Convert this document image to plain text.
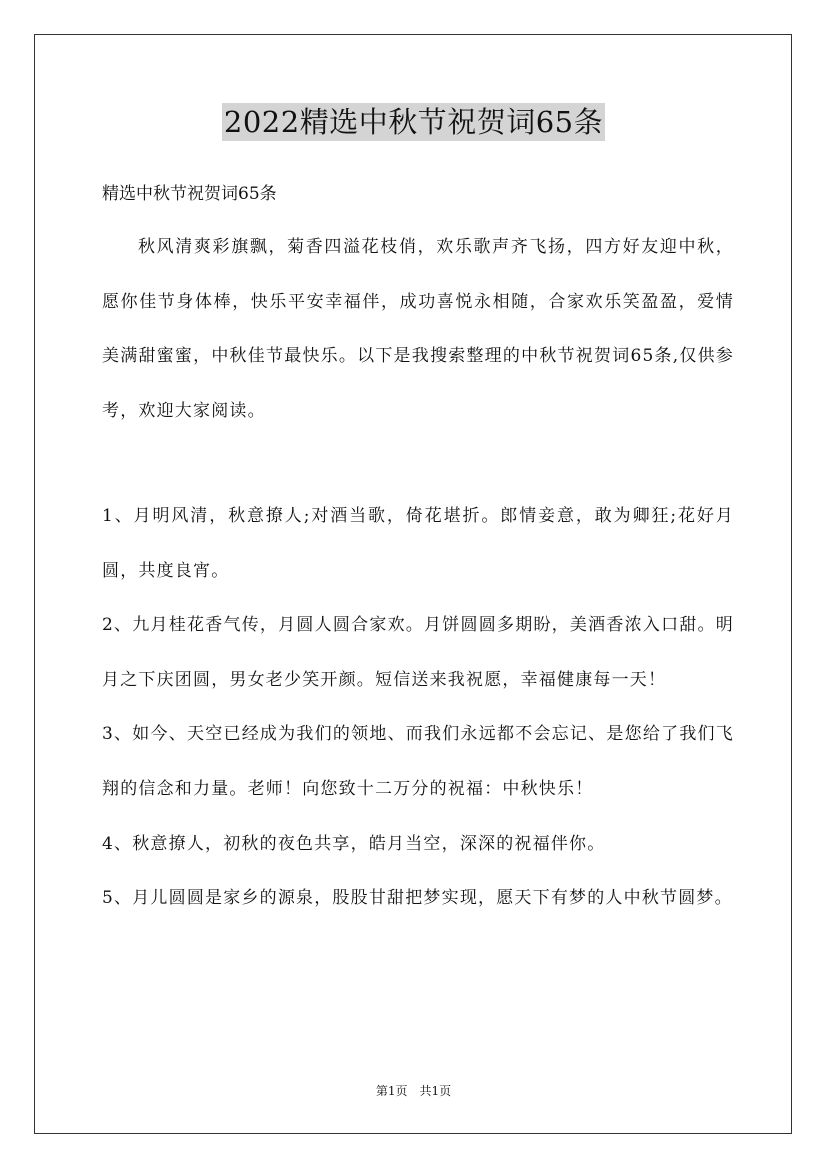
2022精选中秋节祝贺词65条

精选中秋节祝贺词65条

秋风清爽彩旗飘，菊香四溢花枝俏，欢乐歌声齐飞扬，四方好友迎中秋，愿你佳节身体棒，快乐平安幸福伴，成功喜悦永相随，合家欢乐笑盈盈，爱情美满甜蜜蜜，中秋佳节最快乐。以下是我搜索整理的中秋节祝贺词65条,仅供参考，欢迎大家阅读。

1、月明风清，秋意撩人;对酒当歌，倚花堪折。郎情妾意，敢为卿狂;花好月圆，共度良宵。

2、九月桂花香气传，月圆人圆合家欢。月饼圆圆多期盼，美酒香浓入口甜。明月之下庆团圆，男女老少笑开颜。短信送来我祝愿，幸福健康每一天！

3、如今、天空已经成为我们的领地、而我们永远都不会忘记、是您给了我们飞翔的信念和力量。老师！向您致十二万分的祝福：中秋快乐！

4、秋意撩人，初秋的夜色共享，皓月当空，深深的祝福伴你。

5、月儿圆圆是家乡的源泉，股股甘甜把梦实现，愿天下有梦的人中秋节圆梦。

第1页　共1页
